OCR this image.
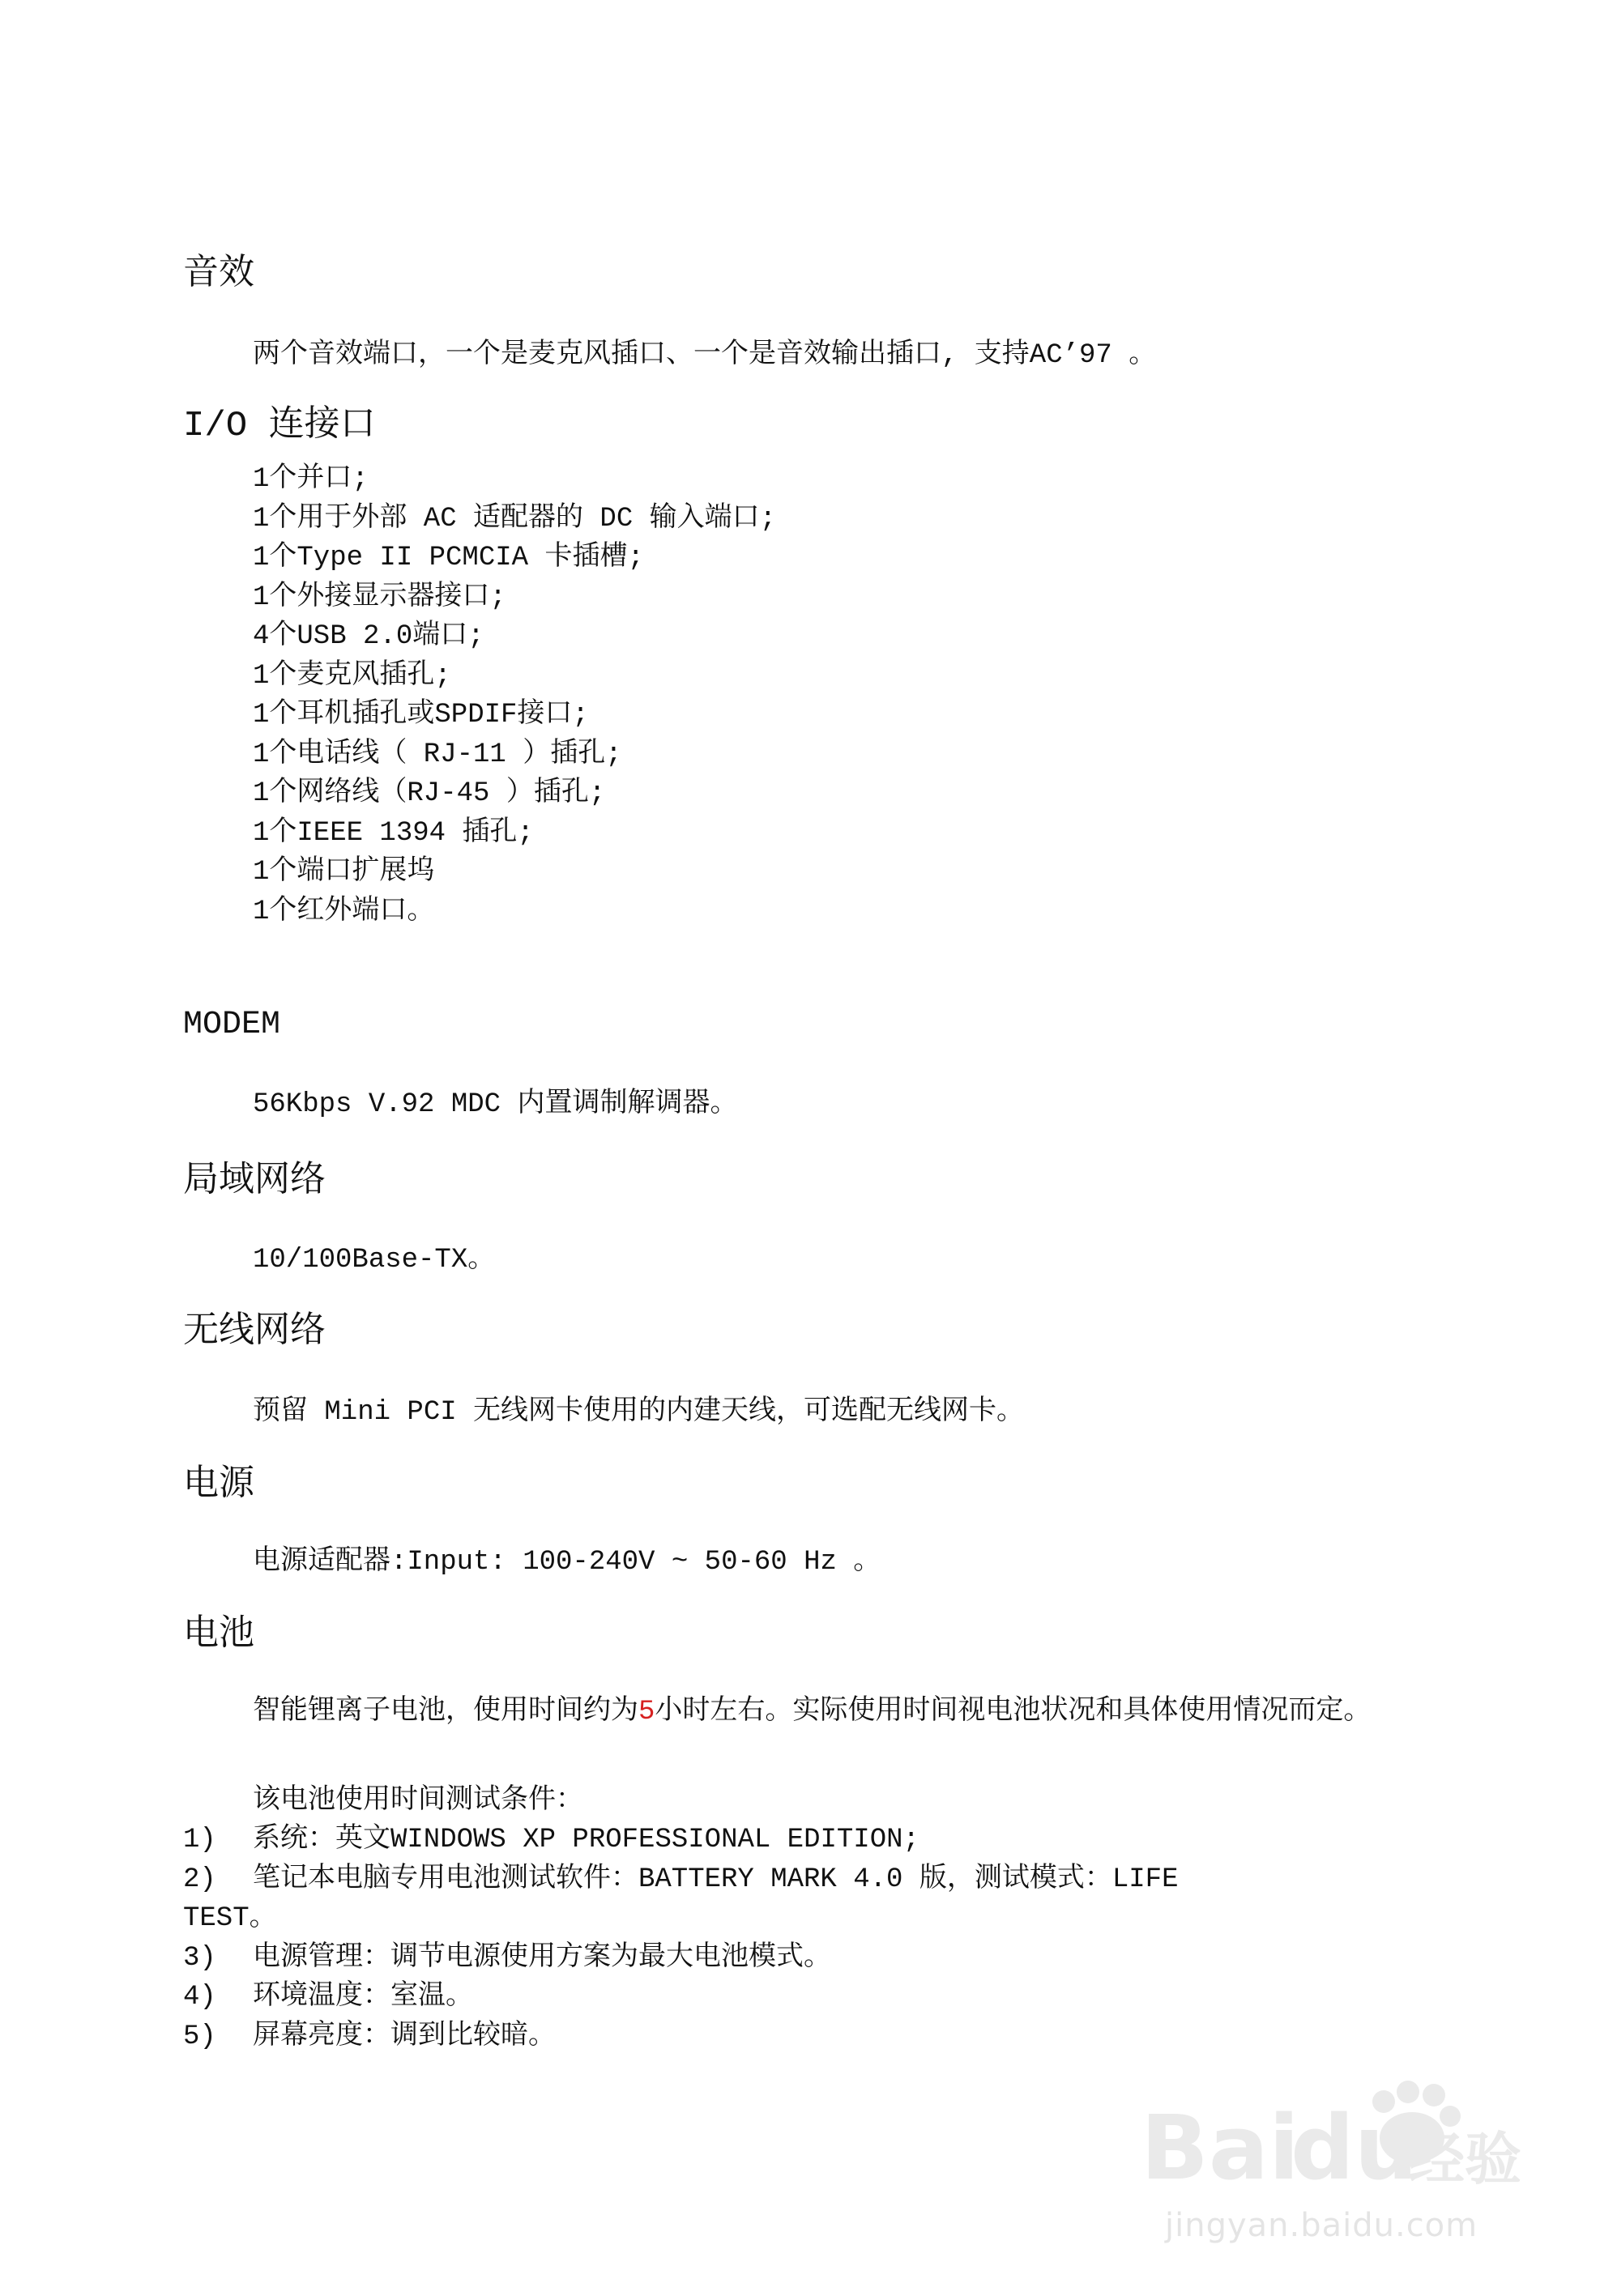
音效
两个音效端口，一个是麦克风插口、一个是音效输出插口, 支持AC’97 。
I/O 连接口
1个并口;
1个用于外部 AC 适配器的 DC 输入端口;
1个Type II PCMCIA 卡插槽;
1个外接显示器接口;
4个USB 2.0端口;
1个麦克风插孔;
1个耳机插孔或SPDIF接口;
1个电话线（ RJ-11 ）插孔;
1个网络线（RJ-45 ）插孔;
1个IEEE 1394 插孔;
1个端口扩展坞
1个红外端口。
MODEM
56Kbps V.92 MDC 内置调制解调器。
局域网络
10/100Base-TX。
无线网络
预留 Mini PCI 无线网卡使用的内建天线，可选配无线网卡。
电源
电源适配器:Input: 100-240V ~ 50-60 Hz 。
电池
智能锂离子电池，使用时间约为5小时左右。实际使用时间视电池状况和具体使用情况而定。
该电池使用时间测试条件：
1)	系统：英文WINDOWS XP PROFESSIONAL EDITION;
2)	笔记本电脑专用电池测试软件：BATTERY MARK 4.0 版，测试模式：LIFE
TEST。
3)	电源管理：调节电源使用方案为最大电池模式。
4)	环境温度：室温。
5)	屏幕亮度：调到比较暗。
Bai
du
经验
jingyan.baidu.com
